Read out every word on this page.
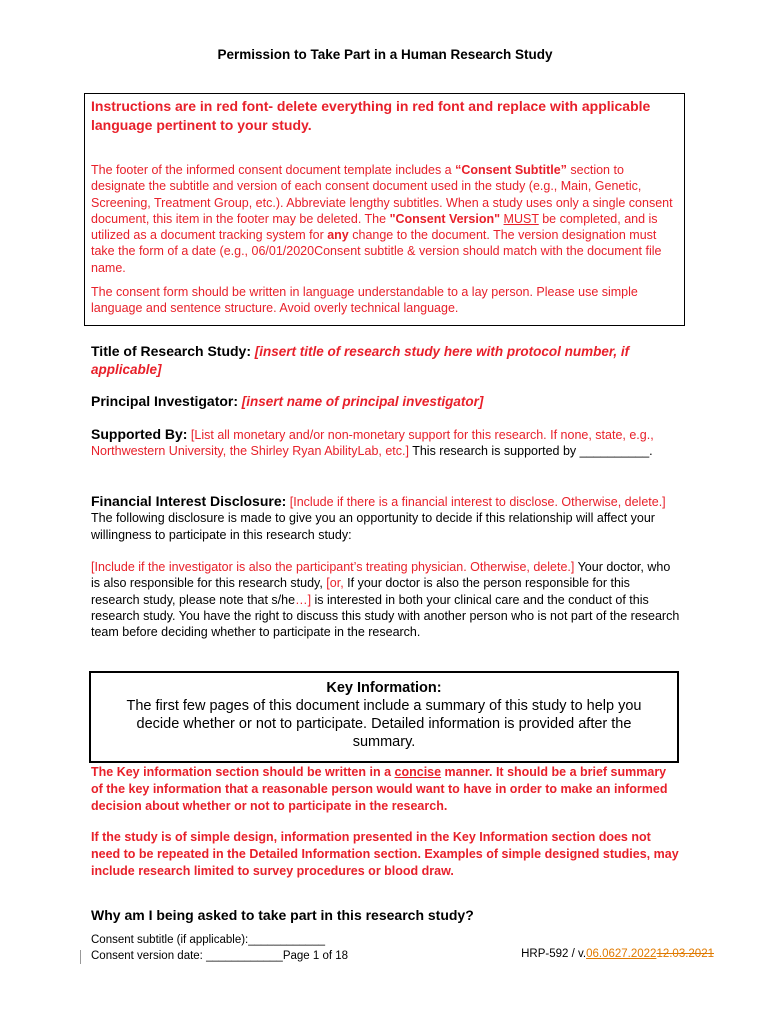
Permission to Take Part in a Human Research Study

Instructions are in red font- delete everything in red font and replace with applicable language pertinent to your study.

The footer of the informed consent document template includes a “Consent Subtitle” section to designate the subtitle and version of each consent document used in the study (e.g., Main, Genetic, Screening, Treatment Group, etc.). Abbreviate lengthy subtitles. When a study uses only a single consent document, this item in the footer may be deleted. The "Consent Version" MUST be completed, and is utilized as a document tracking system for any change to the document. The version designation must take the form of a date (e.g., 06/01/2020Consent subtitle & version should match with the document file name.

The consent form should be written in language understandable to a lay person. Please use simple language and sentence structure. Avoid overly technical language.

Title of Research Study: [insert title of research study here with protocol number, if applicable]
Principal Investigator: [insert name of principal investigator]
Supported By: [List all monetary and/or non-monetary support for this research. If none, state, e.g., Northwestern University, the Shirley Ryan AbilityLab, etc.] This research is supported by __________.
Financial Interest Disclosure: [Include if there is a financial interest to disclose. Otherwise, delete.] The following disclosure is made to give you an opportunity to decide if this relationship will affect your willingness to participate in this research study:
[Include if the investigator is also the participant’s treating physician. Otherwise, delete.] Your doctor, who is also responsible for this research study, [or, If your doctor is also the person responsible for this research study, please note that s/he…] is interested in both your clinical care and the conduct of this research study. You have the right to discuss this study with another person who is not part of the research team before deciding whether to participate in the research.
Key Information:
The first few pages of this document include a summary of this study to help you decide whether or not to participate. Detailed information is provided after the summary.
The Key information section should be written in a concise manner. It should be a brief summary of the key information that a reasonable person would want to have in order to make an informed decision about whether or not to participate in the research.
If the study is of simple design, information presented in the Key Information section does not need to be repeated in the Detailed Information section. Examples of simple designed studies, may include research limited to survey procedures or blood draw.
Why am I being asked to take part in this research study?
Consent subtitle (if applicable):____________
Consent version date: ____________Page 1 of 18	HRP-592 / v.06.0627.202212.03.2021
